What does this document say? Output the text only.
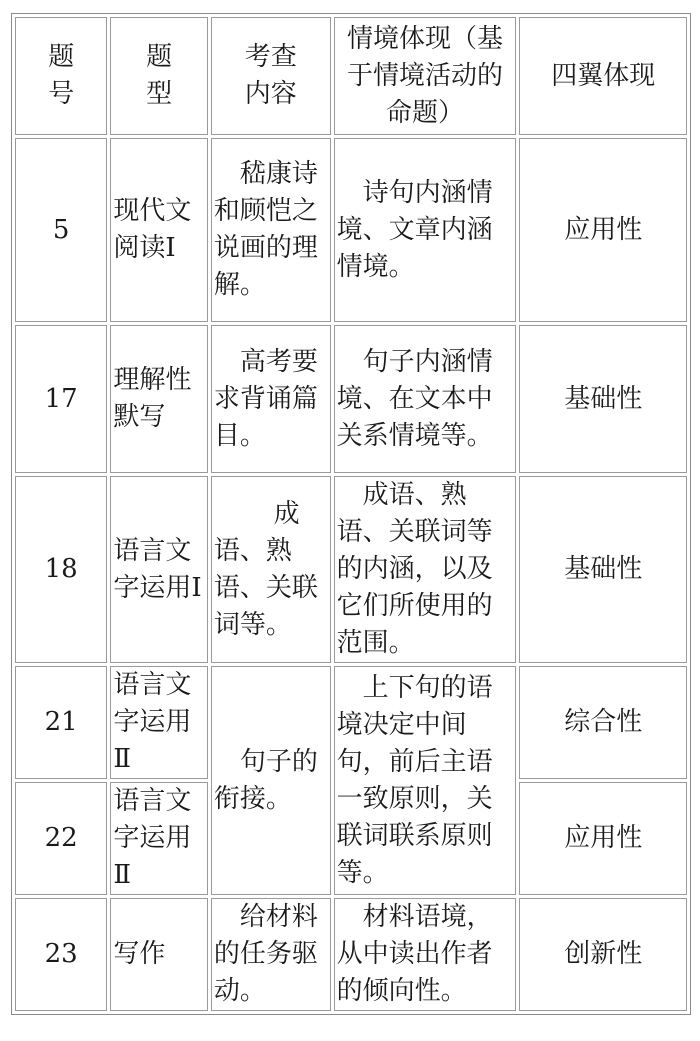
题号	题型	考查内容	情境体现（基于情境活动的命题）	四翼体现
5	现代文阅读Ⅰ	嵇康诗和顾恺之说画的理解。	诗句内涵情境、文章内涵情境。	应用性
17	理解性默写	高考要求背诵篇目。	句子内涵情境、在文本中关系情境等。	基础性
18	语言文字运用Ⅰ	成语、熟语、关联词等。	成语、熟语、关联词等的内涵，以及它们所使用的范围。	基础性
21	语言文字运用Ⅱ	句子的衔接。	上下句的语境决定中间句，前后主语一致原则，关联词联系原则等。	综合性
22	语言文字运用Ⅱ			应用性
23	写作	给材料的任务驱动。	材料语境，从中读出作者的倾向性。	创新性
